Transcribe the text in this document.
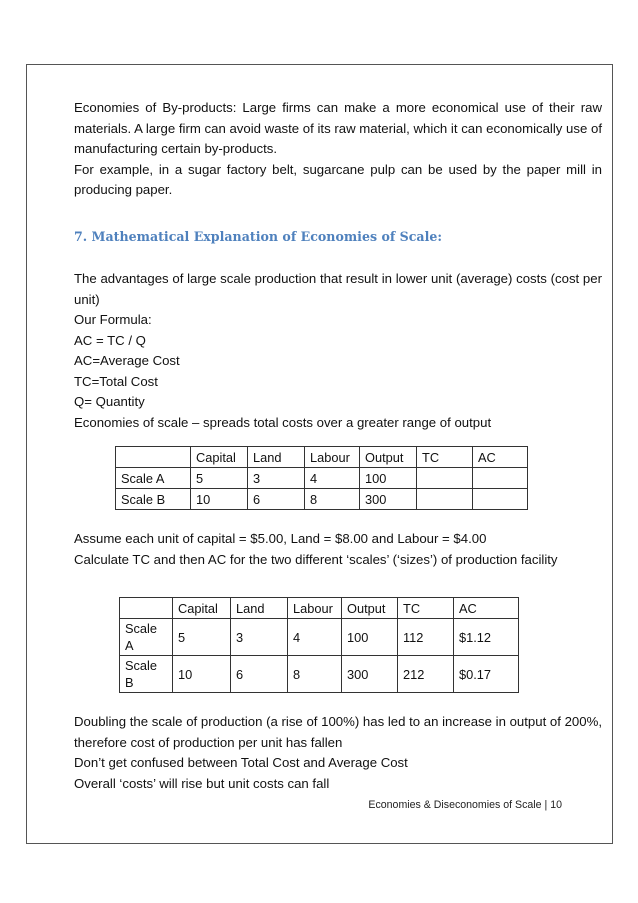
Economies of By-products: Large firms can make a more economical use of their raw materials. A large firm can avoid waste of its raw material, which it can economically use of manufacturing certain by-products.

For example, in a sugar factory belt, sugarcane pulp can be used by the paper mill in producing paper.

7. Mathematical Explanation of Economies of Scale:

The advantages of large scale production that result in lower unit (average) costs (cost per unit)

Our Formula:

AC = TC / Q

AC=Average Cost

TC=Total Cost

Q= Quantity

Economies of scale – spreads total costs over a greater range of output

	Capital	Land	Labour	Output	TC	AC
Scale A	5	3	4	100		
Scale B	10	6	8	300		

Assume each unit of capital = $5.00, Land = $8.00 and Labour = $4.00

Calculate TC and then AC for the two different ‘scales’ (‘sizes’) of production facility

	Capital	Land	Labour	Output	TC	AC
Scale A	5	3	4	100	112	$1.12
Scale B	10	6	8	300	212	$0.17

Doubling the scale of production (a rise of 100%) has led to an increase in output of 200%, therefore cost of production per unit has fallen

Don’t get confused between Total Cost and Average Cost

Overall ‘costs’ will rise but unit costs can fall

Economies & Diseconomies of Scale | 10
